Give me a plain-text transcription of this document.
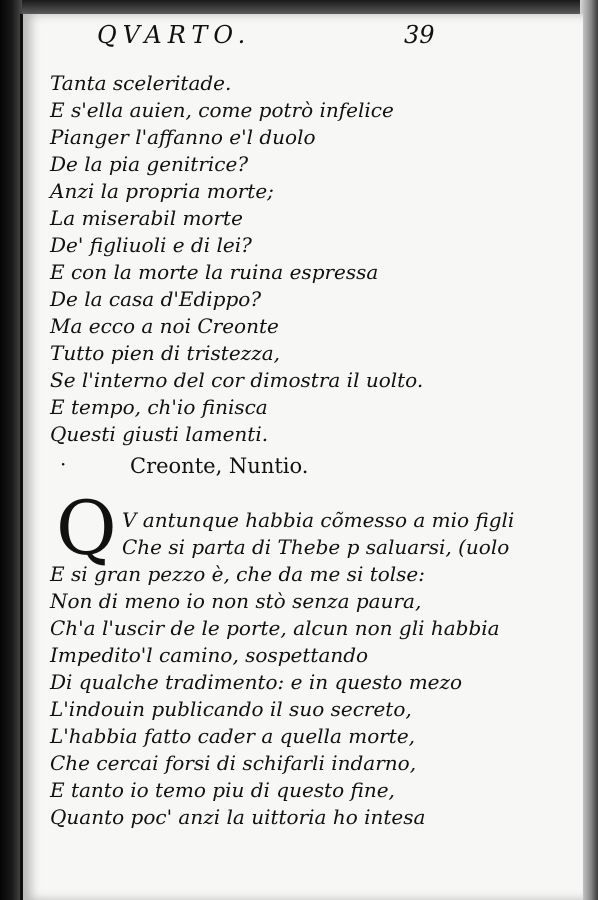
QVARTO.	39
Tanta sceleritade.
E s'ella auien, come potrò infelice
Pianger l'affanno e'l duolo
De la pia genitrice?
Anzi la propria morte;
La miserabil morte
De' figliuoli e di lei?
E con la morte la ruina espressa
De la casa d'Edippo?
Ma ecco a noi Creonte
Tutto pien di tristezza,
Se l'interno del cor dimostra il uolto.
E tempo, ch'io finisca
Questi giusti lamenti.
·	Creonte, Nuntio.
Q V antunque habbia cõmesso a mio figli
Che si parta di Thebe p saluarsi, (uolo
E si gran pezzo è, che da me si tolse:
Non di meno io non stò senza paura,
Ch'a l'uscir de le porte, alcun non gli habbia
Impedito'l camino, sospettando
Di qualche tradimento: e in questo mezo
L'indouin publicando il suo secreto,
L'habbia fatto cader a quella morte,
Che cercai forsi di schifarli indarno,
E tanto io temo piu di questo fine,
Quanto poc' anzi la uittoria ho intesa
